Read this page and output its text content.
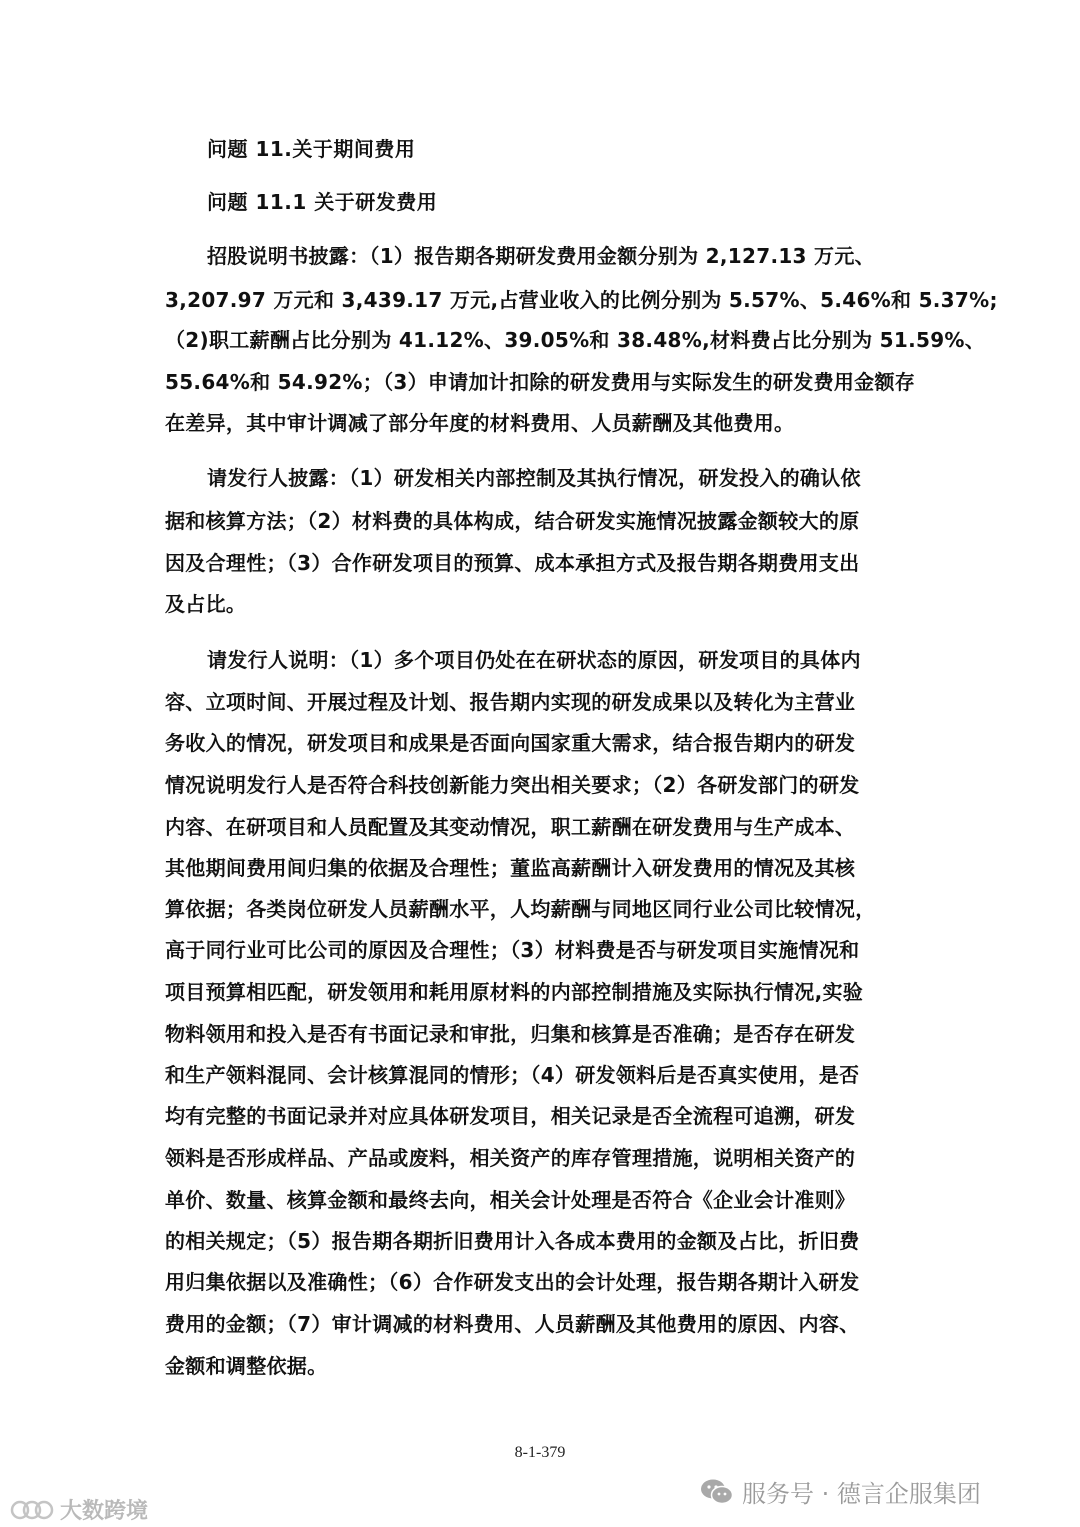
问题 11.关于期间费用
问题 11.1 关于研发费用
招股说明书披露：（1）报告期各期研发费用金额分别为 2,127.13 万元、
3,207.97 万元和 3,439.17 万元,占营业收入的比例分别为 5.57%、5.46%和 5.37%;
（2)职工薪酬占比分别为 41.12%、39.05%和 38.48%,材料费占比分别为 51.59%、
55.64%和 54.92%；（3）申请加计扣除的研发费用与实际发生的研发费用金额存
在差异，其中审计调减了部分年度的材料费用、人员薪酬及其他费用。
请发行人披露：（1）研发相关内部控制及其执行情况，研发投入的确认依
据和核算方法；（2）材料费的具体构成，结合研发实施情况披露金额较大的原
因及合理性；（3）合作研发项目的预算、成本承担方式及报告期各期费用支出
及占比。
请发行人说明：（1）多个项目仍处在在研状态的原因，研发项目的具体内
容、立项时间、开展过程及计划、报告期内实现的研发成果以及转化为主营业
务收入的情况，研发项目和成果是否面向国家重大需求，结合报告期内的研发
情况说明发行人是否符合科技创新能力突出相关要求；（2）各研发部门的研发
内容、在研项目和人员配置及其变动情况，职工薪酬在研发费用与生产成本、
其他期间费用间归集的依据及合理性；董监高薪酬计入研发费用的情况及其核
算依据；各类岗位研发人员薪酬水平，人均薪酬与同地区同行业公司比较情况，
高于同行业可比公司的原因及合理性；（3）材料费是否与研发项目实施情况和
项目预算相匹配，研发领用和耗用原材料的内部控制措施及实际执行情况,实验
物料领用和投入是否有书面记录和审批，归集和核算是否准确；是否存在研发
和生产领料混同、会计核算混同的情形；（4）研发领料后是否真实使用，是否
均有完整的书面记录并对应具体研发项目，相关记录是否全流程可追溯，研发
领料是否形成样品、产品或废料，相关资产的库存管理措施，说明相关资产的
单价、数量、核算金额和最终去向，相关会计处理是否符合《企业会计准则》
的相关规定；（5）报告期各期折旧费用计入各成本费用的金额及占比，折旧费
用归集依据以及准确性；（6）合作研发支出的会计处理，报告期各期计入研发
费用的金额；（7）审计调减的材料费用、人员薪酬及其他费用的原因、内容、
金额和调整依据。
8-1-379
服务号 · 德言企服集团
大数跨境
